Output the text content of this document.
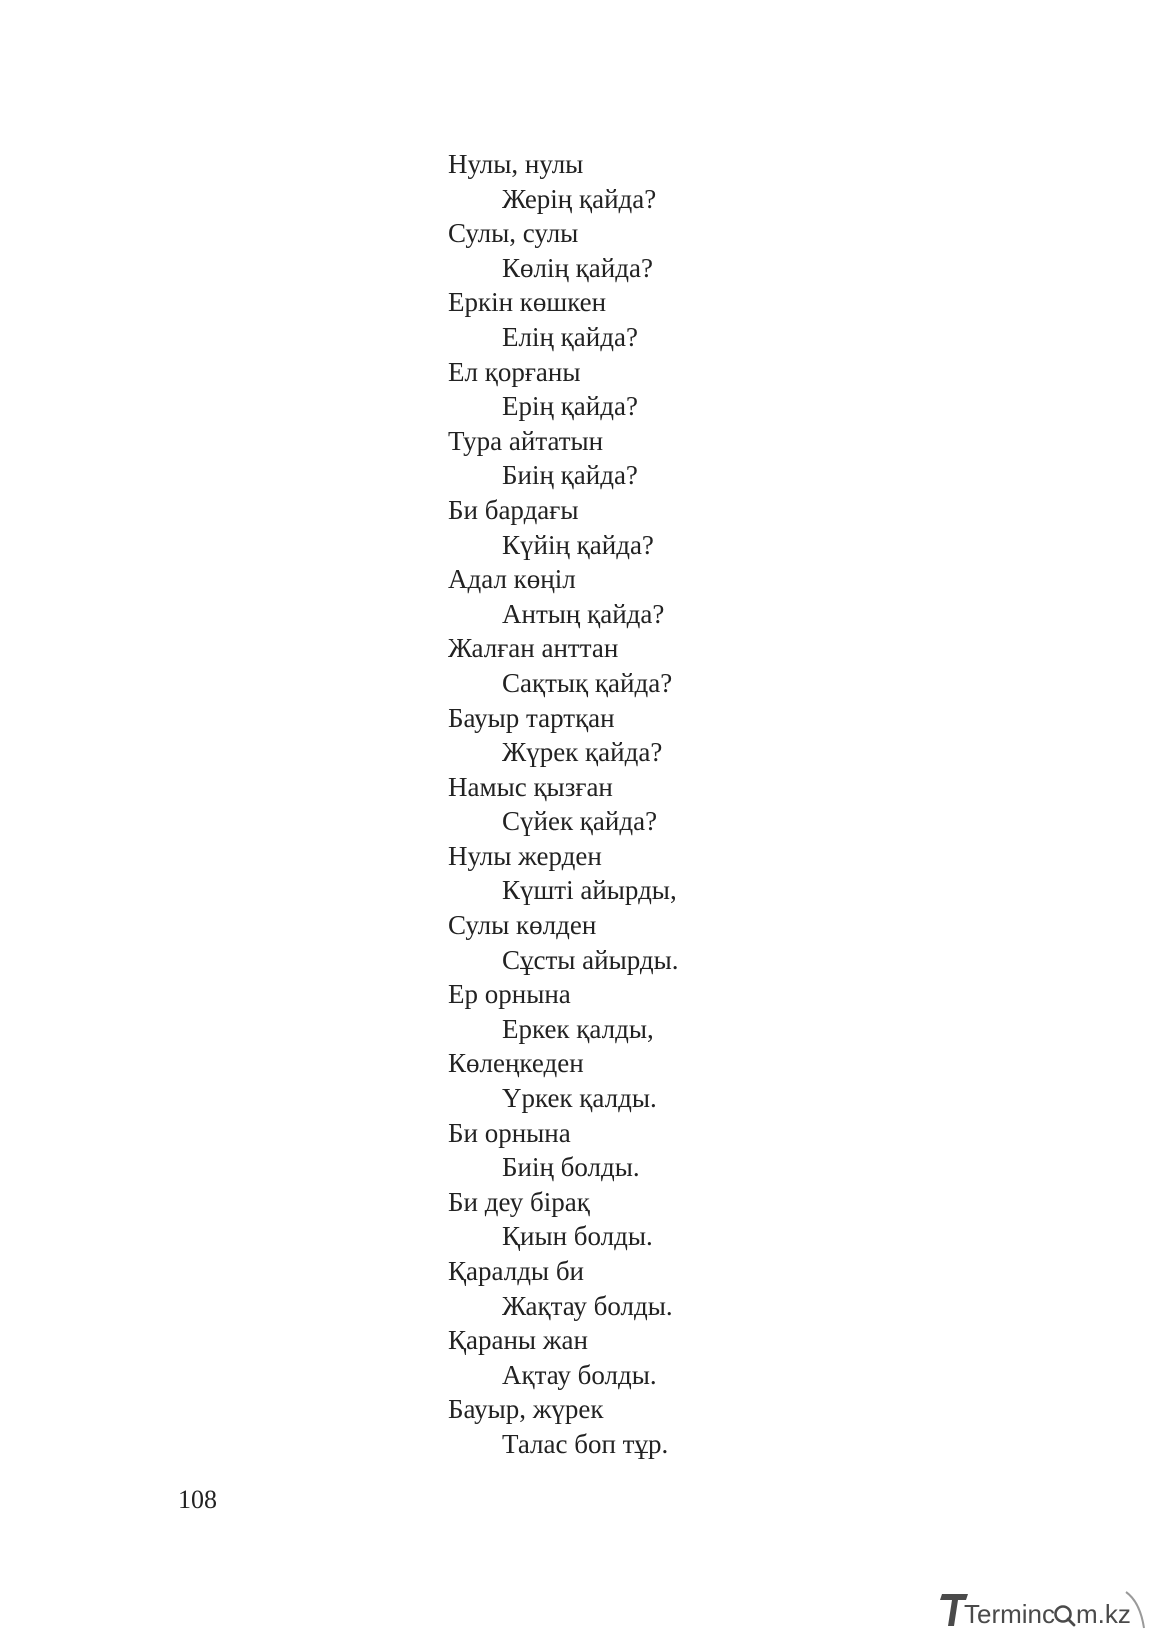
Нулы, нулы
Жерің қайда?
Сулы, сулы
Көлің қайда?
Еркін көшкен
Елің қайда?
Ел қорғаны
Ерің қайда?
Тура айтатын
Биің қайда?
Би бардағы
Күйің қайда?
Адал көңіл
Антың қайда?
Жалған анттан
Сақтық қайда?
Бауыр тартқан
Жүрек қайда?
Намыс қызған
Сүйек қайда?
Нулы жерден
Күшті айырды,
Сулы көлден
Сұсты айырды.
Ер орнына
Еркек қалды,
Көлеңкеден
Үркек қалды.
Би орнына
Биің болды.
Би деу бірақ
Қиын болды.
Қаралды би
Жақтау болды.
Қараны жан
Ақтау болды.
Бауыр, жүрек
Талас боп тұр.
108
Terminc m.kz
